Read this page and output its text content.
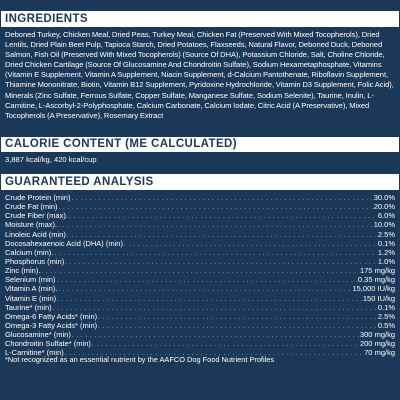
INGREDIENTS
Deboned Turkey, Chicken Meal, Dried Peas, Turkey Meal, Chicken Fat (Preserved With Mixed Tocopherols), Dried Lentils, Dried Plain Beet Pulp, Tapioca Starch, Dried Potatoes, Flaxseeds, Natural Flavor, Deboned Duck, Deboned Salmon, Fish Oil (Preserved With Mixed Tocopherols) (Source Of DHA), Potassium Chloride, Salt, Choline Chloride, Dried Chicken Cartilage (Source Of Glucosamine And Chondroitin Sulfate), Sodium Hexametaphosphate, Vitamins (Vitamin E Supplement, Vitamin A Supplement, Niacin Supplement, d-Calcium Pantothenate, Riboflavin Supplement, Thiamine Mononitrate, Biotin, Vitamin B12 Supplement, Pyridoxine Hydrochloride, Vitamin D3 Supplement, Folic Acid), Minerals (Zinc Sulfate, Ferrous Sulfate, Copper Sulfate, Manganese Sulfate, Sodium Selenite), Taurine, Inulin, L-Carnitine, L-Ascorbyl-2-Polyphosphate, Calcium Carbonate, Calcium Iodate, Citric Acid (A Preservative), Mixed Tocopherols (A Preservative), Rosemary Extract
CALORIE CONTENT (ME CALCULATED)
3,887 kcal/kg, 420 kcal/cup
GUARANTEED ANALYSIS
Crude Protein (min) . . .	30.0%
Crude Fat (min) . . .	20.0%
Crude Fiber (max). . . .	6.0%
Moisture (max). . . .	10.0%
Linoleic Acid (min) . . .	2.5%
Docosahexaenoic Acid (DHA) (min) . . .	0.1%
Calcium (min). . . .	1.2%
Phosphorus (min) . . .	1.0%
Zinc (min). . . .	175 mg/kg
Selenium (min) . . .	0.35 mg/kg
Vitamin A (min). . . .	15,000 IU/kg
Vitamin E (min) . . .	150 IU/kg
Taurine* (min) . . .	0.1%
Omega-6 Fatty Acids* (min) . . .	2.5%
Omega-3 Fatty Acids* (min) . . .	0.5%
Glucosamine* (min) . . .	300 mg/kg
Chondroitin Sulfate* (min) . . .	200 mg/kg
L-Carnitine* (min) . . .	70 mg/kg
*Not recognized as an essential nutrient by the AAFCO Dog Food Nutrient Profiles
